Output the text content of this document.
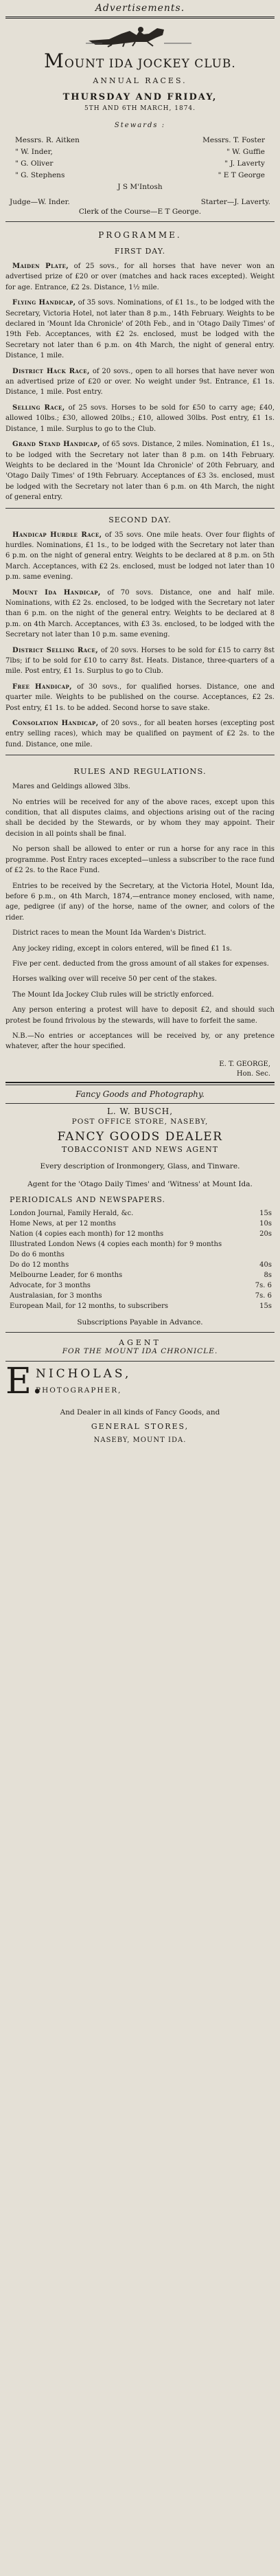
Advertisements.
MOUNT IDA JOCKEY CLUB.
ANNUAL RACES.
THURSDAY AND FRIDAY,
5TH AND 6TH MARCH, 1874.
Stewards :
Messrs. R. Aitken	Messrs. T. Foster
" W. Inder,	" W. Guffie
" G. Oliver	" J. Laverty
" G. Stephens	" E T George
J S M'Intosh
Judge—W. Inder.	Starter—J. Laverty.
Clerk of the Course—E T George.
PROGRAMME.
FIRST DAY.

Maiden Plate, of 25 sovs., for all horses that have never won an advertised prize of £20 or over (matches and hack races excepted). Weight for age. Entrance, £2 2s. Distance, 1½ mile.

Flying Handicap, of 35 sovs. Nominations, of £1 1s., to be lodged with the Secretary, Victoria Hotel, not later than 8 p.m., 14th February. Weights to be declared in 'Mount Ida Chronicle' of 20th Feb., and in 'Otago Daily Times' of 19th Feb. Acceptances, with £2 2s. enclosed, must be lodged with the Secretary not later than 6 p.m. on 4th March, the night of general entry. Distance, 1 mile.

District Hack Race, of 20 sovs., open to all horses that have never won an advertised prize of £20 or over. No weight under 9st. Entrance, £1 1s. Distance, 1 mile. Post entry.

Selling Race, of 25 sovs. Horses to be sold for £50 to carry age; £40, allowed 10lbs.; £30, allowed 20lbs.; £10, allowed 30lbs. Post entry, £1 1s. Distance, 1 mile. Surplus to go to the Club.

Grand Stand Handicap, of 65 sovs. Distance, 2 miles. Nomination, £1 1s., to be lodged with the Secretary not later than 8 p.m. on 14th February. Weights to be declared in the 'Mount Ida Chronicle' of 20th February, and 'Otago Daily Times' of 19th February. Acceptances of £3 3s. enclosed, must be lodged with the Secretary not later than 6 p.m. on 4th March, the night of general entry.

SECOND DAY.

Handicap Hurdle Race, of 35 sovs. One mile heats. Over four flights of hurdles. Nominations, £1 1s., to be lodged with the Secretary not later than 6 p.m. on the night of general entry. Weights to be declared at 8 p.m. on 5th March. Acceptances, with £2 2s. enclosed, must be lodged not later than 10 p.m. same evening.

Mount Ida Handicap, of 70 sovs. Distance, one and half mile. Nominations, with £2 2s. enclosed, to be lodged with the Secretary not later than 6 p.m. on the night of the general entry. Weights to be declared at 8 p.m. on 4th March. Acceptances, with £3 3s. enclosed, to be lodged with the Secretary not later than 10 p.m. same evening.

District Selling Race, of 20 sovs. Horses to be sold for £15 to carry 8st 7lbs; if to be sold for £10 to carry 8st. Heats. Distance, three-quarters of a mile. Post entry, £1 1s. Surplus to go to Club.

Free Handicap, of 30 sovs., for qualified horses. Distance, one and quarter mile. Weights to be published on the course. Acceptances, £2 2s. Post entry, £1 1s. to be added. Second horse to save stake.

Consolation Handicap, of 20 sovs., for all beaten horses (excepting post entry selling races), which may be qualified on payment of £2 2s. to the fund. Distance, one mile.

RULES AND REGULATIONS.

Mares and Geldings allowed 3lbs.

No entries will be received for any of the above races, except upon this condition, that all disputes claims, and objections arising out of the racing shall be decided by the Stewards, or by whom they may appoint. Their decision in all points shall be final.

No person shall be allowed to enter or run a horse for any race in this programme. Post Entry races excepted—unless a subscriber to the race fund of £2 2s. to the Race Fund.

Entries to be received by the Secretary, at the Victoria Hotel, Mount Ida, before 6 p.m., on 4th March, 1874,—entrance money enclosed, with name, age, pedigree (if any) of the horse, name of the owner, and colors of the rider.

District races to mean the Mount Ida Warden's District.

Any jockey riding, except in colors entered, will be fined £1 1s.

Five per cent. deducted from the gross amount of all stakes for expenses.

Horses walking over will receive 50 per cent of the stakes.

The Mount Ida Jockey Club rules will be strictly enforced.

Any person entering a protest will have to deposit £2, and should such protest be found frivolous by the stewards, will have to forfeit the same.

N.B.—No entries or acceptances will be received by, or any pretence whatever, after the hour specified.

E. T. GEORGE,
Hon. Sec.
Fancy Goods and Photography.
L. W. BUSCH,
POST OFFICE STORE, NASEBY,
FANCY GOODS DEALER
TOBACCONIST AND NEWS AGENT
Every description of Ironmongery, Glass, and Tinware.
Agent for the 'Otago Daily Times' and 'Witness' at Mount Ida.
PERIODICALS AND NEWSPAPERS.
London Journal, Family Herald, &c.	15s
Home News, at per 12 months	10s
Nation (4 copies each month) for 12 months	20s
Illustrated London News (4 copies each month) for 9 months
Do do 6 months
Do do 12 months	40s
Melbourne Leader, for 6 months	8s
Advocate, for 3 months	7s. 6
Australasian, for 3 months	7s. 6
European Mail, for 12 months, to subscribers	15s
Subscriptions Payable in Advance.
AGENT
FOR THE MOUNT IDA CHRONICLE.
E.
NICHOLAS,
PHOTOGRAPHER,
And Dealer in all kinds of Fancy Goods, and
GENERAL STORES,
NASEBY, MOUNT IDA.
